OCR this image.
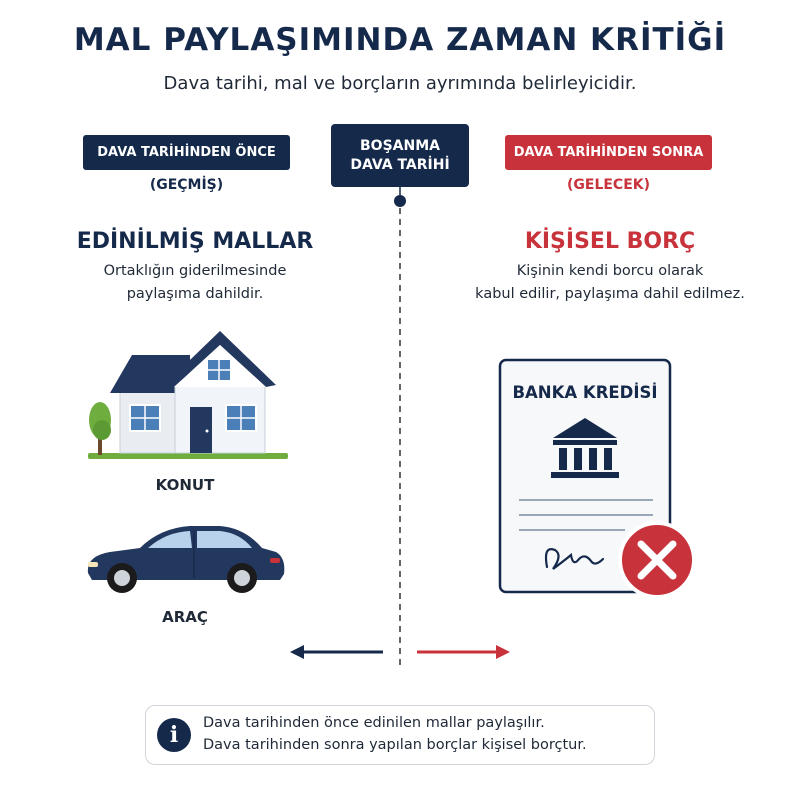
MAL PAYLAŞIMINDA ZAMAN KRİTİĞİ
Dava tarihi, mal ve borçların ayrımında belirleyicidir.
BOŞANMA
DAVA TARİHİ
DAVA TARİHİNDEN ÖNCE
(GEÇMİŞ)
EDİNİLMİŞ MALLAR
Ortaklığın giderilmesinde
paylaşıma dahildir.
KONUT
ARAÇ
DAVA TARİHİNDEN SONRA
(GELECEK)
KİŞİSEL BORÇ
Kişinin kendi borcu olarak
kabul edilir, paylaşıma dahil edilmez.
BANKA KREDİSİ
i	Dava tarihinden önce edinilen mallar paylaşılır.
Dava tarihinden sonra yapılan borçlar kişisel borçtur.
